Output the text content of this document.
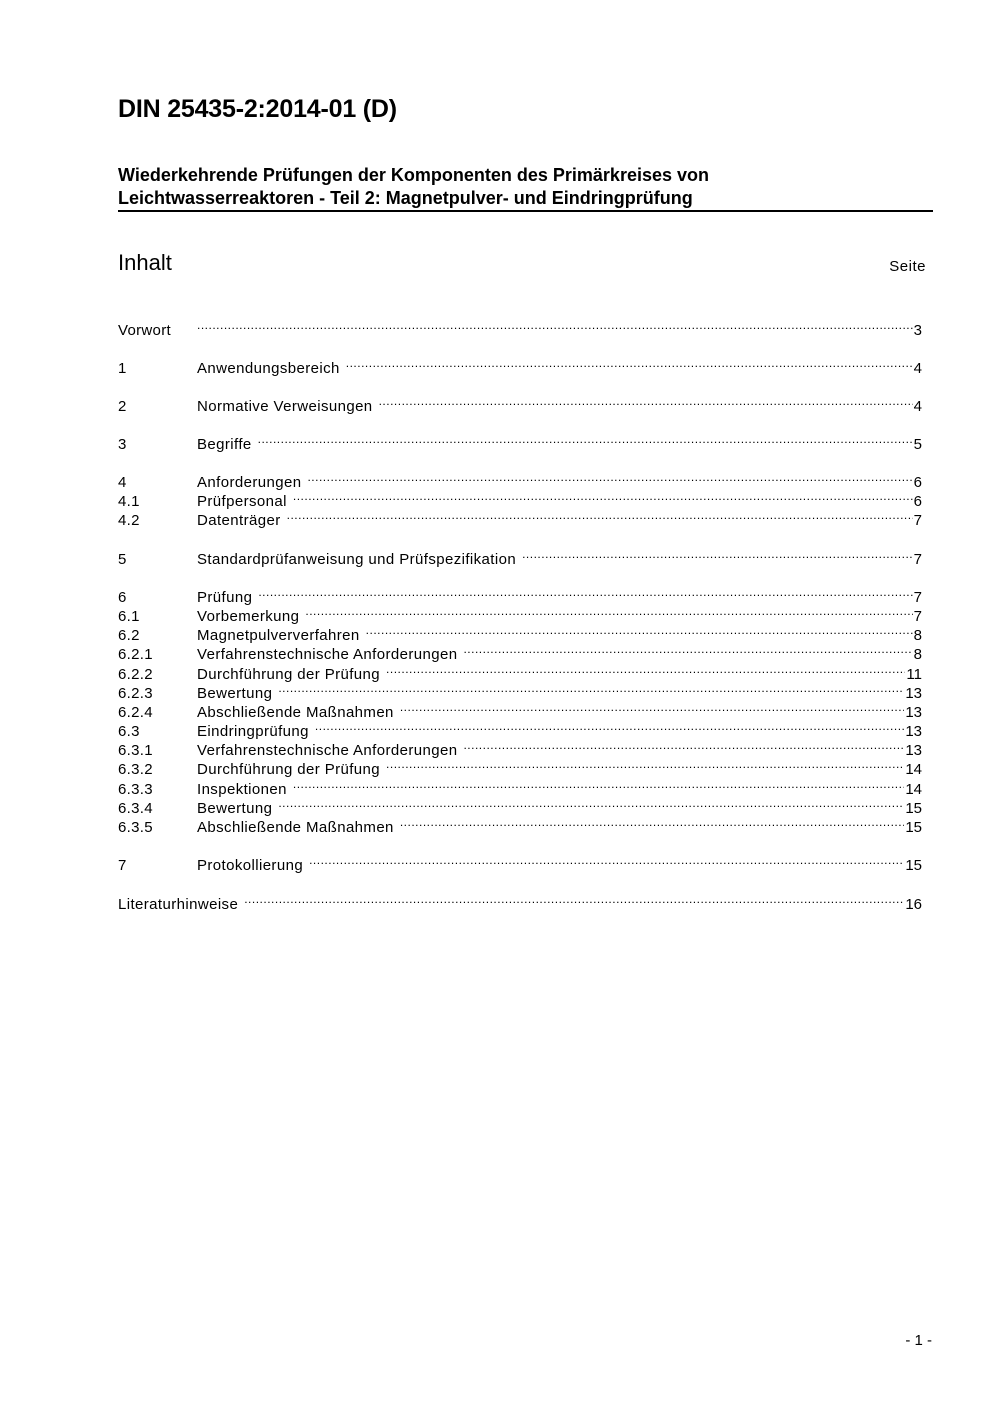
DIN 25435-2:2014-01 (D)
Wiederkehrende Prüfungen der Komponenten des Primärkreises von
Leichtwasserreaktoren - Teil 2: Magnetpulver- und Eindringprüfung
Inhalt	Seite
Vorwort .....	3
1	Anwendungsbereich .....	4
2	Normative Verweisungen .....	4
3	Begriffe .....	5
4	Anforderungen .....	6
4.1	Prüfpersonal .....	6
4.2	Datenträger .....	7
5	Standardprüfanweisung und Prüfspezifikation .....	7
6	Prüfung .....	7
6.1	Vorbemerkung .....	7
6.2	Magnetpulververfahren .....	8
6.2.1	Verfahrenstechnische Anforderungen .....	8
6.2.2	Durchführung der Prüfung .....	11
6.2.3	Bewertung .....	13
6.2.4	Abschließende Maßnahmen .....	13
6.3	Eindringprüfung .....	13
6.3.1	Verfahrenstechnische Anforderungen .....	13
6.3.2	Durchführung der Prüfung .....	14
6.3.3	Inspektionen .....	14
6.3.4	Bewertung .....	15
6.3.5	Abschließende Maßnahmen .....	15
7	Protokollierung .....	15
Literaturhinweise .....	16
- 1 -
